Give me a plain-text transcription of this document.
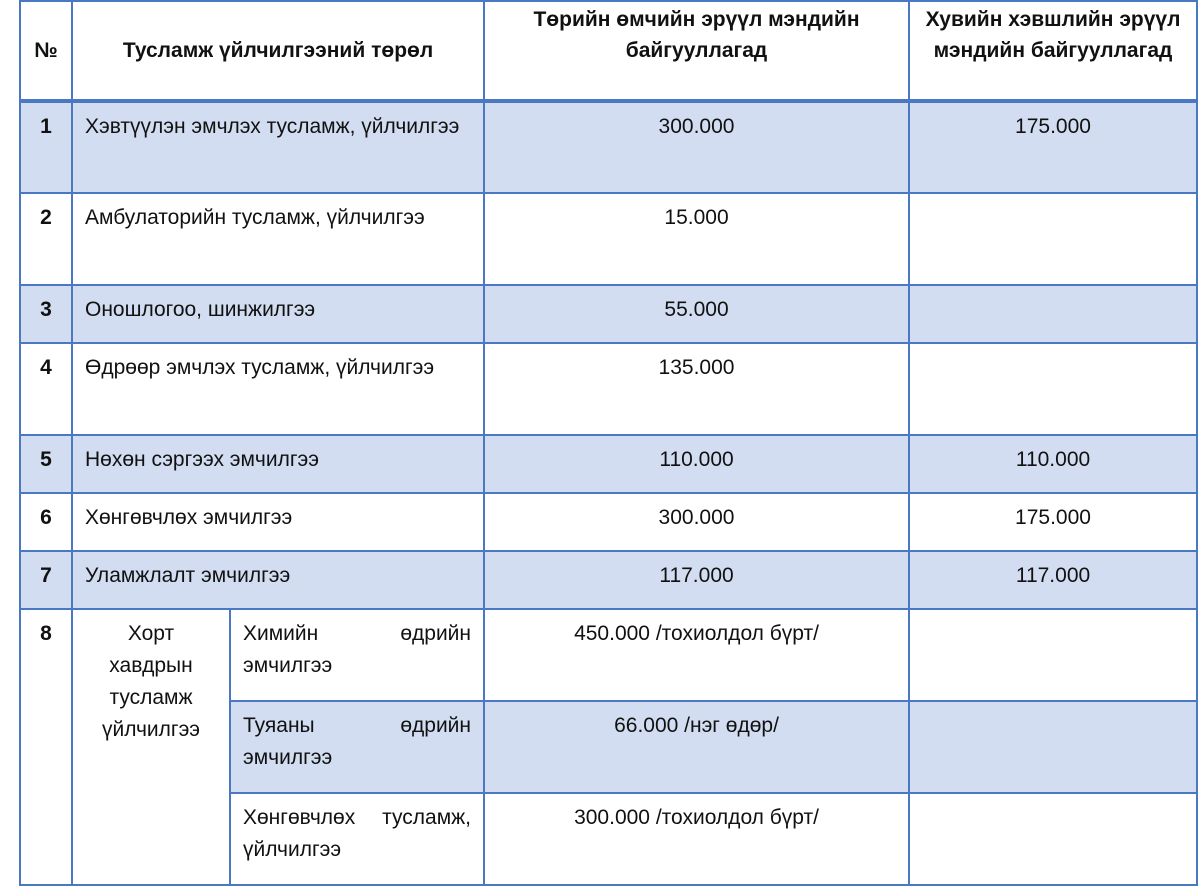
№	Тусламж үйлчилгээний төрөл		Төрийн өмчийн эрүүл мэндийн байгууллагад	Хувийн хэвшлийн эрүүл мэндийн байгууллагад
1	Хэвтүүлэн эмчлэх тусламж, үйлчилгээ		300.000	175.000
2	Амбулаторийн тусламж, үйлчилгээ		15.000	
3	Оношлогоо, шинжилгээ		55.000	
4	Өдрөөр эмчлэх тусламж, үйлчилгээ		135.000	
5	Нөхөн сэргээх эмчилгээ		110.000	110.000
6	Хөнгөвчлөх эмчилгээ		300.000	175.000
7	Уламжлалт эмчилгээ		117.000	117.000
8	Хорт хавдрын тусламж үйлчилгээ	Химийн өдрийн эмчилгээ	450.000 /тохиолдол бүрт/	
		Туяаны өдрийн эмчилгээ	66.000 /нэг өдөр/	
		Хөнгөвчлөх тусламж, үйлчилгээ	300.000 /тохиолдол бүрт/	
